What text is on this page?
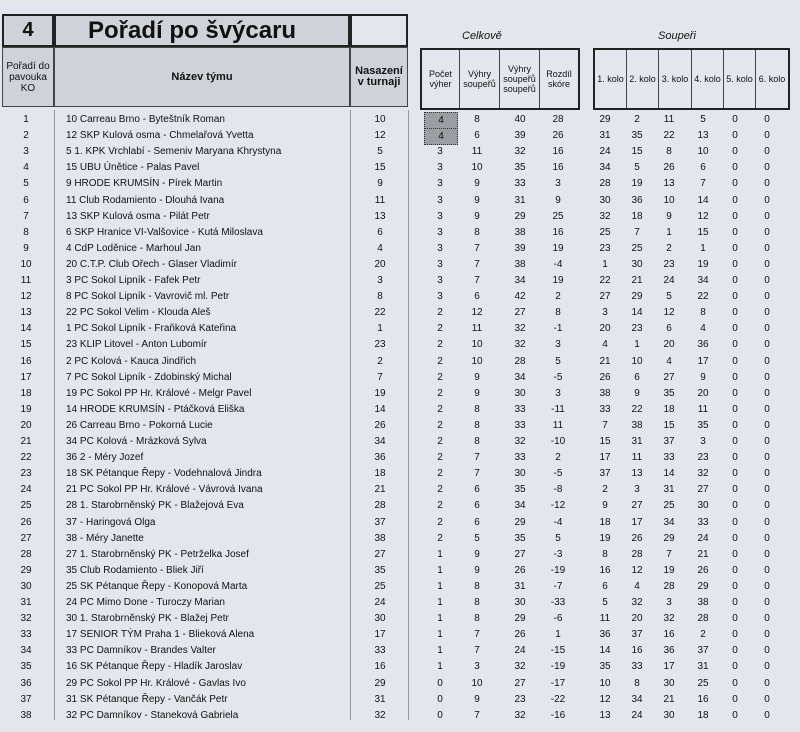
4	Pořadí po švýcaru
Pořadí do pavouka KO
Název týmu	Nasazení v turnaji
Celkově	Soupeři
Počet výher
Výhry soupeřů
Výhry soupeřů soupeřů
Rozdíl skóre	1. kolo 2. kolo 3. kolo 4. kolo 5. kolo 6. kolo
1	10 Carreau Brno - Byteštník Roman	10	4	8	40	28	29	2	11	5	0	0
2	12 SKP Kulová osma - Chmelařová Yvetta	12	4	6	39	26	31	35	22	13	0	0
3	5 1. KPK Vrchlabí - Semeniv Maryana Khrystyna	5	3	11	32	16	24	15	8	10	0	0
4	15 UBU Únětice - Palas Pavel	15	3	10	35	16	34	5	26	6	0	0
5	9 HRODE KRUMSÍN - Pírek Martin	9	3	9	33	3	28	19	13	7	0	0
6	11 Club Rodamiento - Dlouhá Ivana	11	3	9	31	9	30	36	10	14	0	0
7	13 SKP Kulová osma - Pilát Petr	13	3	9	29	25	32	18	9	12	0	0
8	6 SKP Hranice VI-Valšovice - Kutá Miloslava	6	3	8	38	16	25	7	1	15	0	0
9	4 CdP Loděnice - Marhoul Jan	4	3	7	39	19	23	25	2	1	0	0
10	20 C.T.P. Club Ořech - Glaser Vladimír	20	3	7	38	-4	1	30	23	19	0	0
11	3 PC Sokol Lipník - Fafek Petr	3	3	7	34	19	22	21	24	34	0	0
12	8 PC Sokol Lipník - Vavrovič ml. Petr	8	3	6	42	2	27	29	5	22	0	0
13	22 PC Sokol Velim - Klouda Aleš	22	2	12	27	8	3	14	12	8	0	0
14	1 PC Sokol Lipník - Fraňková Kateřina	1	2	11	32	-1	20	23	6	4	0	0
15	23 KLIP Litovel - Anton Lubomír	23	2	10	32	3	4	1	20	36	0	0
16	2 PC Kolová - Kauca Jindřich	2	2	10	28	5	21	10	4	17	0	0
17	7 PC Sokol Lipník - Zdobinský Michal	7	2	9	34	-5	26	6	27	9	0	0
18	19 PC Sokol PP Hr. Králové - Melgr Pavel	19	2	9	30	3	38	9	35	20	0	0
19	14 HRODE KRUMSÍN - Ptáčková Eliška	14	2	8	33	-11	33	22	18	11	0	0
20	26 Carreau Brno - Pokorná Lucie	26	2	8	33	11	7	38	15	35	0	0
21	34 PC Kolová - Mrázková Sylva	34	2	8	32	-10	15	31	37	3	0	0
22	36 2 - Méry Jozef	36	2	7	33	2	17	11	33	23	0	0
23	18 SK Pétanque Řepy - Vodehnalová Jindra	18	2	7	30	-5	37	13	14	32	0	0
24	21 PC Sokol PP Hr. Králové - Vávrová Ivana	21	2	6	35	-8	2	3	31	27	0	0
25	28 1. Starobrněnský PK - Blažejová Eva	28	2	6	34	-12	9	27	25	30	0	0
26	37 - Haringová Olga	37	2	6	29	-4	18	17	34	33	0	0
27	38 - Méry Janette	38	2	5	35	5	19	26	29	24	0	0
28	27 1. Starobrněnský PK - Petrželka Josef	27	1	9	27	-3	8	28	7	21	0	0
29	35 Club Rodamiento - Bliek Jiří	35	1	9	26	-19	16	12	19	26	0	0
30	25 SK Pétanque Řepy - Konopová Marta	25	1	8	31	-7	6	4	28	29	0	0
31	24 PC Mimo Done - Turoczy Marian	24	1	8	30	-33	5	32	3	38	0	0
32	30 1. Starobrněnský PK - Blažej Petr	30	1	8	29	-6	11	20	32	28	0	0
33	17 SENIOR TÝM Praha 1 - Blieková Alena	17	1	7	26	1	36	37	16	2	0	0
34	33 PC Damníkov - Brandes Valter	33	1	7	24	-15	14	16	36	37	0	0
35	16 SK Pétanque Řepy - Hladík Jaroslav	16	1	3	32	-19	35	33	17	31	0	0
36	29 PC Sokol PP Hr. Králové - Gavlas Ivo	29	0	10	27	-17	10	8	30	25	0	0
37	31 SK Pétanque Řepy - Vančák Petr	31	0	9	23	-22	12	34	21	16	0	0
38	32 PC Damníkov - Staneková Gabriela	32	0	7	32	-16	13	24	30	18	0	0
